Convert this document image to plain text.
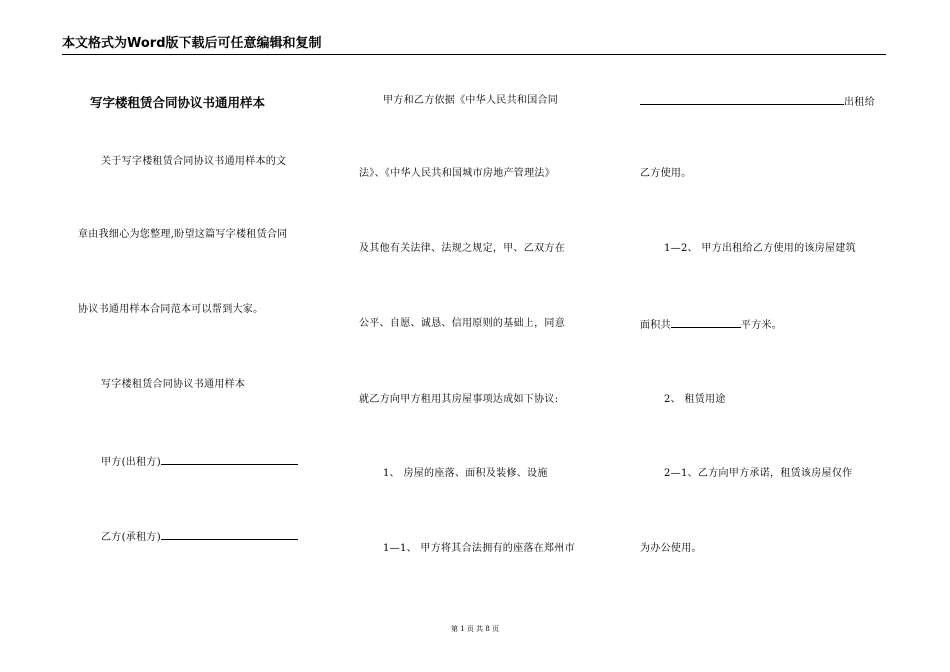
本文格式为Word版下载后可任意编辑和复制
写字楼租赁合同协议书通用样本
关于写字楼租赁合同协议书通用样本的文
章由我细心为您整理,盼望这篇写字楼租赁合同
协议书通用样本合同范本可以帮到大家。
写字楼租赁合同协议书通用样本
甲方(出租方)
乙方(承租方)
甲方和乙方依据《中华人民共和国合同
法》、《中华人民共和国城市房地产管理法》
及其他有关法律、法规之规定，甲、乙双方在
公平、自愿、诚恳、信用原则的基础上，同意
就乙方向甲方租用其房屋事项达成如下协议:
1、 房屋的座落、面积及装修、设施
1—1、 甲方将其合法拥有的座落在郑州市
出租给
乙方使用。
1—2、 甲方出租给乙方使用的该房屋建筑
面积共	平方米。
2、 租赁用途
2—1、乙方向甲方承诺，租赁该房屋仅作
为办公使用。
第 1 页 共 8 页
